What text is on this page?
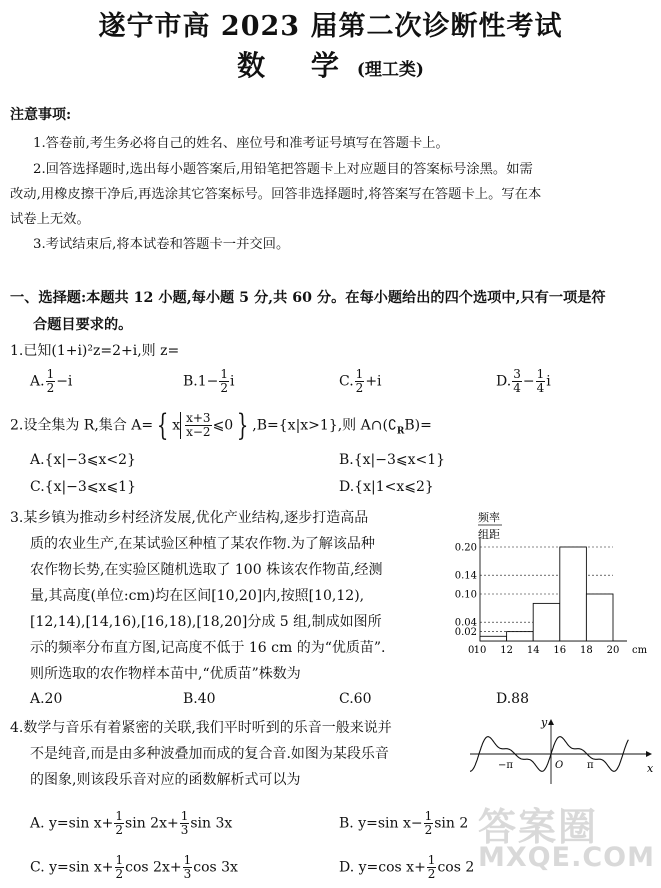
遂宁市高 2023 届第二次诊断性考试
数 学(理工类)
注意事项:
1.答卷前,考生务必将自己的姓名、座位号和准考证号填写在答题卡上。
2.回答选择题时,选出每小题答案后,用铅笔把答题卡上对应题目的答案标号涂黑。如需
改动,用橡皮擦干净后,再选涂其它答案标号。回答非选择题时,将答案写在答题卡上。写在本
试卷上无效。
3.考试结束后,将本试卷和答题卡一并交回。
一、选择题:本题共 12 小题,每小题 5 分,共 60 分。在每小题给出的四个选项中,只有一项是符
合题目要求的。
1.已知(1+i)²z=2+i,则 z=
A. $\frac{1}{2} -i$	$B.1- \frac{1}{2}$ i	C. $\frac{1}{2} +i$	D. $\frac{3}{4} - \frac{1}{4}$ i
2.设全集为 R,集合 A= { x $\frac{x+3}{x-2}$ ⩽0 } ,B={x|x>1},则 $A\cap(∁_RB)=$
A.{x|−3⩽x<2}	B.{x|−3⩽x<1}
C.{x|−3⩽x⩽1}	D.{x|1<x⩽2}
3.某乡镇为推动乡村经济发展,优化产业结构,逐步打造高品
质的农业生产,在某试验区种植了某农作物.为了解该品种
农作物长势,在实验区随机选取了 100 株该农作物苗,经测
量,其高度(单位:cm)均在区间[10,20]内,按照[10,12),
[12,14),[14,16),[16,18),[18,20]分成 5 组,制成如图所
示的频率分布直方图,记高度不低于 16 cm 的为“优质苗”.
则所选取的农作物样本苗中,“优质苗”株数为
A.20	B.40	C.60	D.88
频率
组距
0.02
0.04
0.10
0.14
0.20
10 12 14 16 18 20
0	cm
4.数学与音乐有着紧密的关联,我们平时听到的乐音一般来说并
不是纯音,而是由多种波叠加而成的复合音.如图为某段乐音
的图象,则该段乐音对应的函数解析式可以为
y
x
−π	O π
A. y=sin $x+ \frac{1}{2}$ $\sin 2x+ \frac{1}{3}$ sin 3x	B. y=sin $x- \frac{1}{2}$ sin 2
C. y=sin $x+ \frac{1}{2}$ $\cos 2x+ \frac{1}{3}$ cos 3x	D. y=cos $x+ \frac{1}{2}$ cos 2
答案圈
MXQE.COM
